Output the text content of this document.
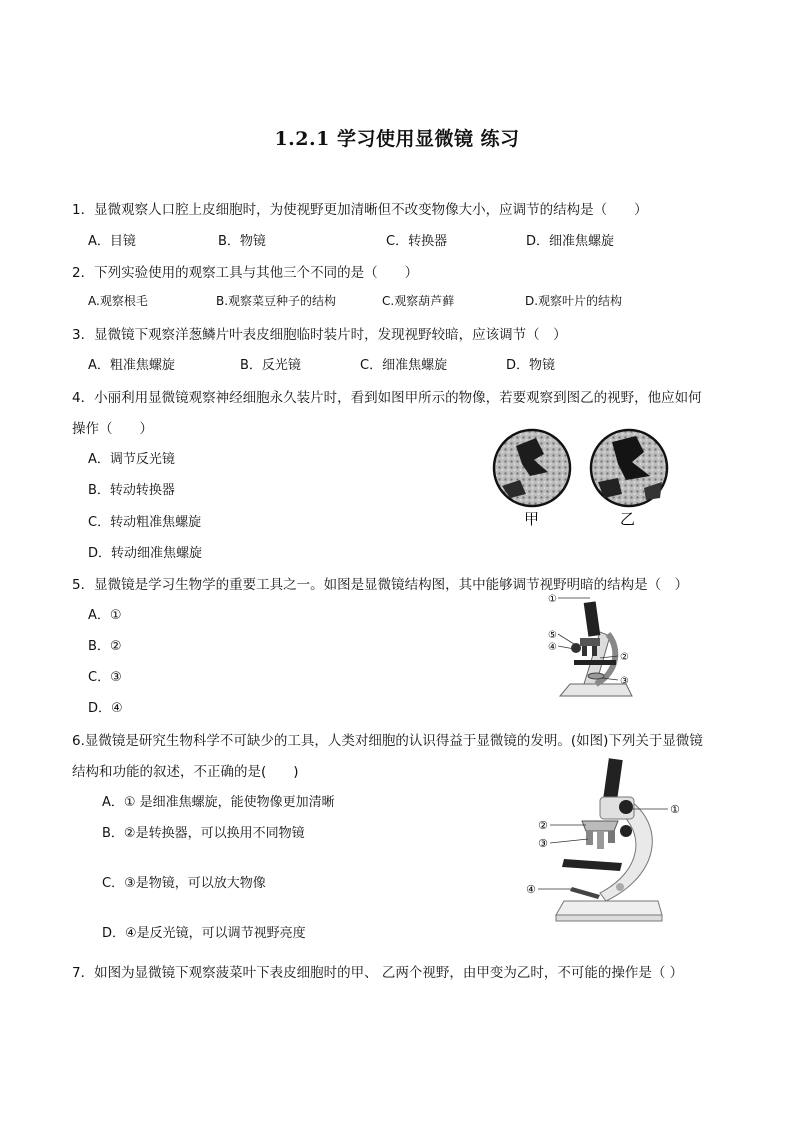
1.2.1 学习使用显微镜 练习
1．显微观察人口腔上皮细胞时，为使视野更加清晰但不改变物像大小，应调节的结构是（　　）
A．目镜	B．物镜	C．转换器	D．细准焦螺旋
2．下列实验使用的观察工具与其他三个不同的是（　　）
A.观察根毛	B.观察菜豆种子的结构	C.观察葫芦藓	D.观察叶片的结构
3．显微镜下观察洋葱鳞片叶表皮细胞临时装片时，发现视野较暗，应该调节（　）
A．粗准焦螺旋	B．反光镜	C．细准焦螺旋	D．物镜
4．小丽利用显微镜观察神经细胞永久装片时，看到如图甲所示的物像，若要观察到图乙的视野，他应如何
操作（　　）
A．调节反光镜
B．转动转换器
C．转动粗准焦螺旋
D．转动细准焦螺旋
甲	乙
5．显微镜是学习生物学的重要工具之一。如图是显微镜结构图，其中能够调节视野明暗的结构是（　）
A．①
B．②
C．③
D．④
①
⑤
④
②
③
6.显微镜是研究生物科学不可缺少的工具，人类对细胞的认识得益于显微镜的发明。(如图)下列关于显微镜
结构和功能的叙述，不正确的是(　　)
A．① 是细准焦螺旋，能使物像更加清晰
B．②是转换器，可以换用不同物镜
C．③是物镜，可以放大物像
D．④是反光镜，可以调节视野亮度
①
②
③
④
7．如图为显微镜下观察菠菜叶下表皮细胞时的甲、 乙两个视野，由甲变为乙时，不可能的操作是（ ）
